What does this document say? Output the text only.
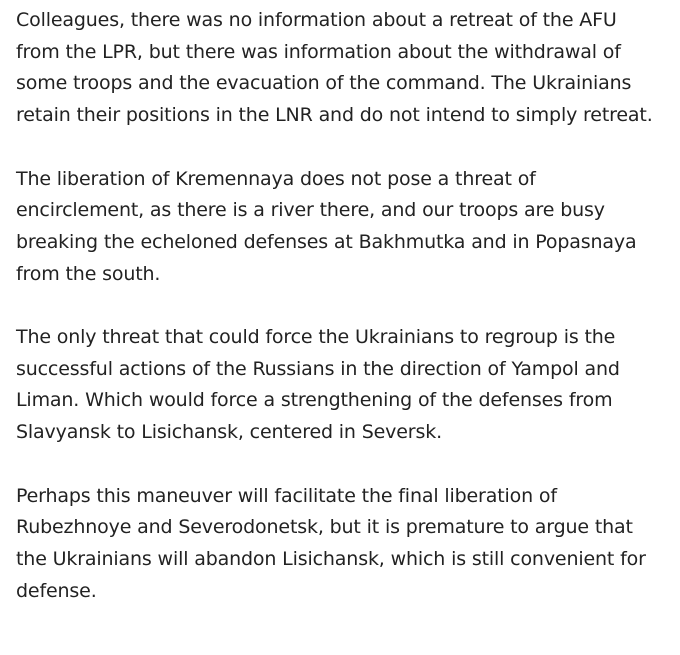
Colleagues, there was no information about a retreat of the AFU from the LPR, but there was information about the withdrawal of some troops and the evacuation of the command. The Ukrainians retain their positions in the LNR and do not intend to simply retreat.

The liberation of Kremennaya does not pose a threat of encirclement, as there is a river there, and our troops are busy breaking the echeloned defenses at Bakhmutka and in Popasnaya from the south.

The only threat that could force the Ukrainians to regroup is the successful actions of the Russians in the direction of Yampol and Liman. Which would force a strengthening of the defenses from Slavyansk to Lisichansk, centered in Seversk.

Perhaps this maneuver will facilitate the final liberation of Rubezhnoye and Severodonetsk, but it is premature to argue that the Ukrainians will abandon Lisichansk, which is still convenient for defense.
